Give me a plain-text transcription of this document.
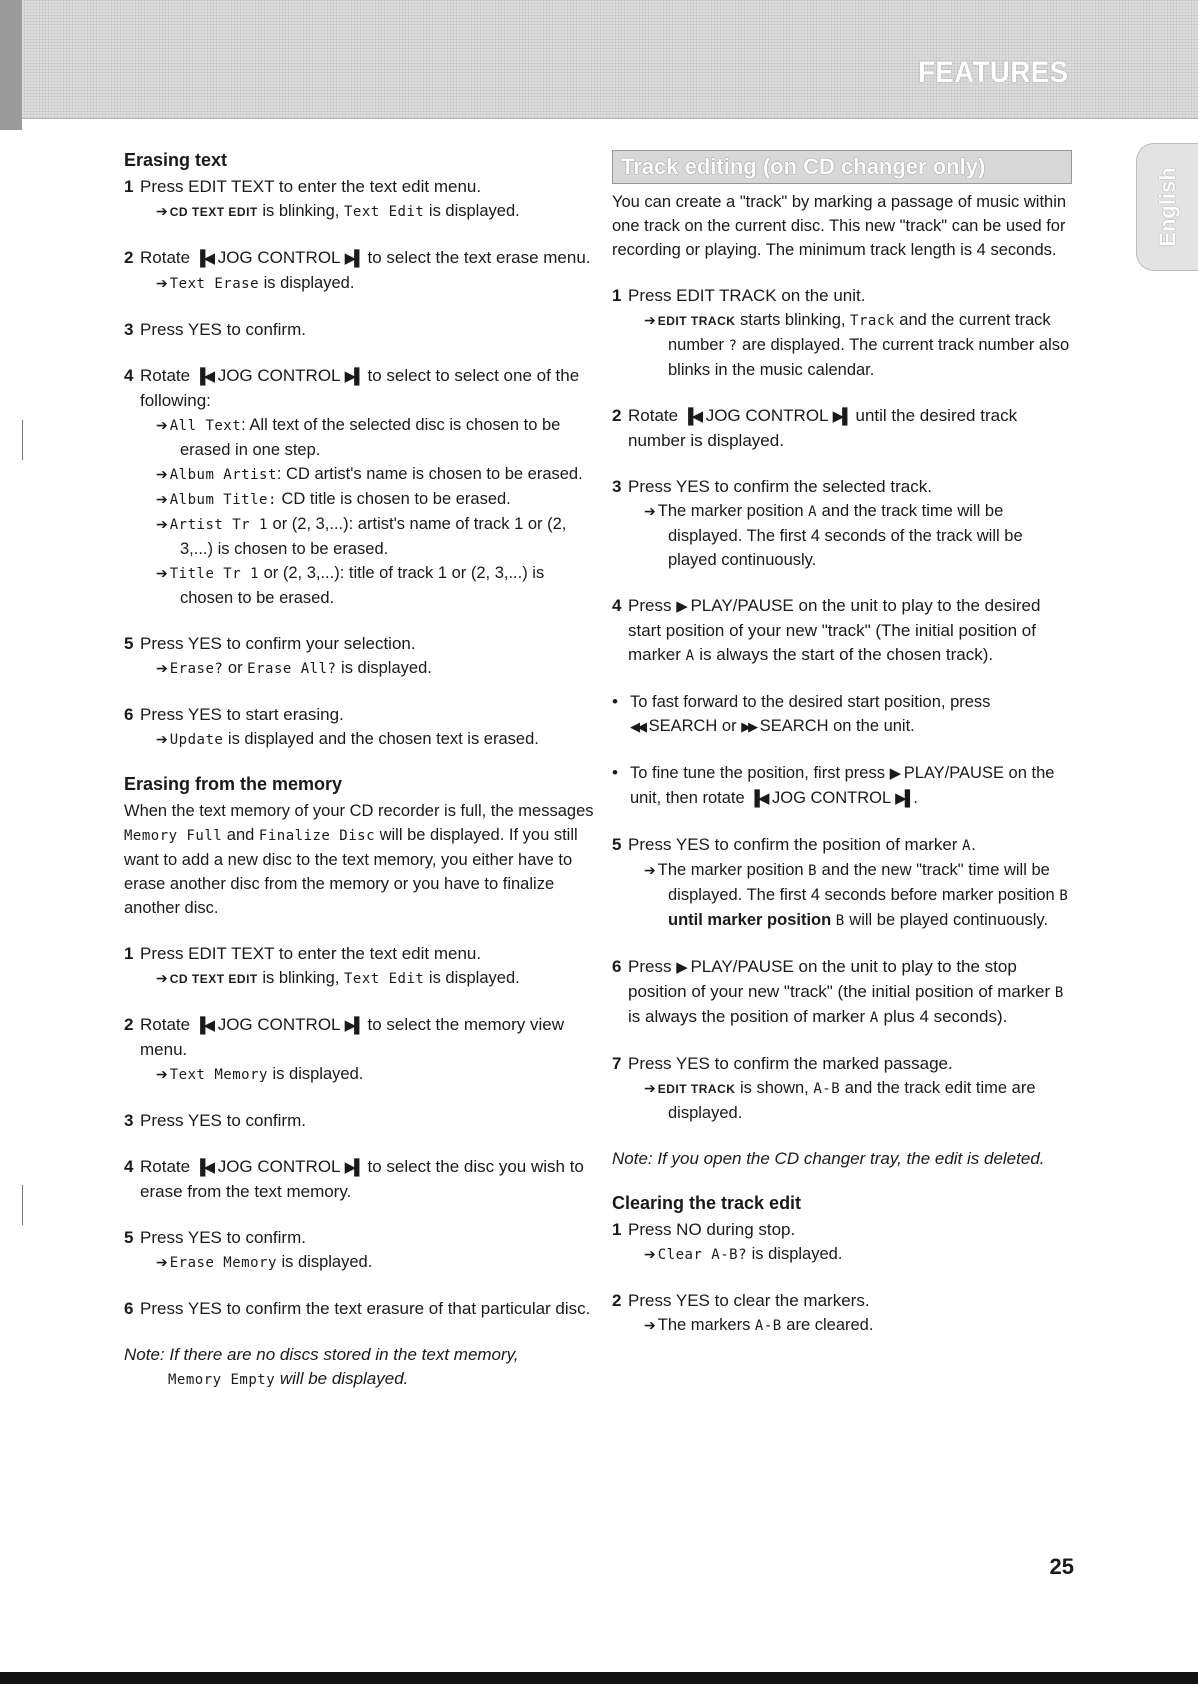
FEATURES
English
Erasing text
1 Press EDIT TEXT to enter the text edit menu.

➔ CD TEXT EDIT is blinking, Text Edit is displayed.

2 Rotate ▐◀ JOG CONTROL ▶▌ to select the text erase menu.

➔ Text Erase is displayed.

3 Press YES to confirm.

4 Rotate ▐◀ JOG CONTROL ▶▌ to select to select one of the following:

➔ All Text: All text of the selected disc is chosen to be erased in one step.

➔ Album Artist: CD artist's name is chosen to be erased.

➔ Album Title: CD title is chosen to be erased.

➔ Artist Tr 1 or (2, 3,...): artist's name of track 1 or (2, 3,...) is chosen to be erased.

➔ Title Tr 1 or (2, 3,...): title of track 1 or (2, 3,...) is chosen to be erased.

5 Press YES to confirm your selection.

➔ Erase? or Erase All? is displayed.

6 Press YES to start erasing.

➔ Update is displayed and the chosen text is erased.

Erasing from the memory

When the text memory of your CD recorder is full, the messages Memory Full and Finalize Disc will be displayed. If you still want to add a new disc to the text memory, you either have to erase another disc from the memory or you have to finalize another disc.

1 Press EDIT TEXT to enter the text edit menu.

➔ CD TEXT EDIT is blinking, Text Edit is displayed.

2 Rotate ▐◀ JOG CONTROL ▶▌ to select the memory view menu.

➔ Text Memory is displayed.

3 Press YES to confirm.

4 Rotate ▐◀ JOG CONTROL ▶▌ to select the disc you wish to erase from the text memory.

5 Press YES to confirm.

➔ Erase Memory is displayed.

6 Press YES to confirm the text erasure of that particular disc.

Note: If there are no discs stored in the text memory,

Memory Empty will be displayed.

Track editing (on CD changer only)

You can create a "track" by marking a passage of music within one track on the current disc. This new "track" can be used for recording or playing. The minimum track length is 4 seconds.

1 Press EDIT TRACK on the unit.

➔ EDIT TRACK starts blinking, Track and the current track number ? are displayed. The current track number also blinks in the music calendar.

2 Rotate ▐◀ JOG CONTROL ▶▌ until the desired track number is displayed.

3 Press YES to confirm the selected track.

➔ The marker position A and the track time will be displayed. The first 4 seconds of the track will be played continuously.

4 Press ▶ PLAY/PAUSE on the unit to play to the desired start position of your new "track" (The initial position of marker A is always the start of the chosen track).

• To fast forward to the desired start position, press

◀◀ SEARCH or ▶▶ SEARCH on the unit.

• To fine tune the position, first press ▶ PLAY/PAUSE on the unit, then rotate ▐◀ JOG CONTROL ▶▌.

5 Press YES to confirm the position of marker A.

➔ The marker position B and the new "track" time will be displayed. The first 4 seconds before marker position B until marker position B will be played continuously.

6 Press ▶ PLAY/PAUSE on the unit to play to the stop position of your new "track" (the initial position of marker B is always the position of marker A plus 4 seconds).

7 Press YES to confirm the marked passage.

➔ EDIT TRACK is shown, A-B and the track edit time are displayed.

Note: If you open the CD changer tray, the edit is deleted.

Clearing the track edit
1 Press NO during stop.

➔ Clear A-B? is displayed.

2 Press YES to clear the markers.

➔ The markers A-B are cleared.

25
